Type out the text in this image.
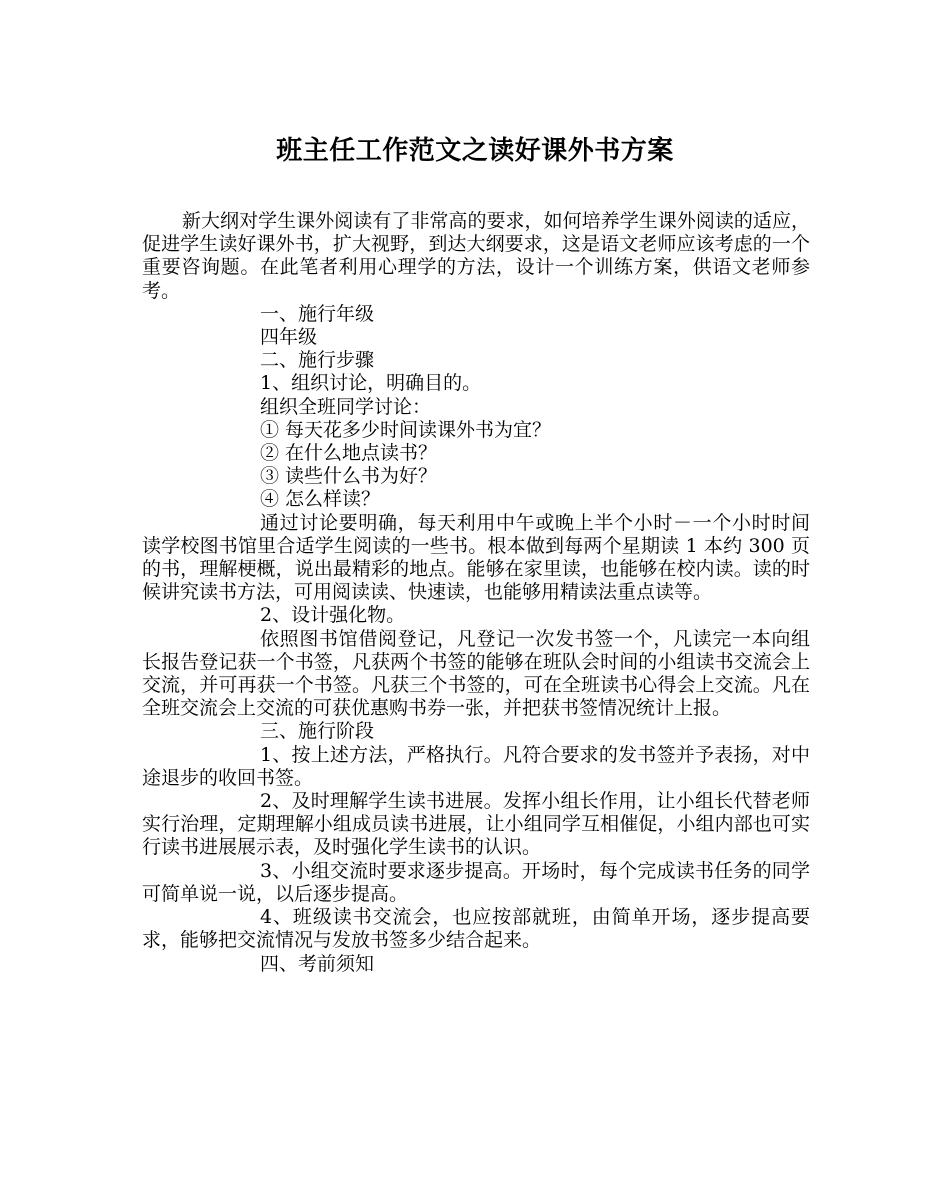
班主任工作范文之读好课外书方案

新大纲对学生课外阅读有了非常高的要求，如何培养学生课外阅读的适应，促进学生读好课外书，扩大视野，到达大纲要求，这是语文老师应该考虑的一个重要咨询题。在此笔者利用心理学的方法，设计一个训练方案，供语文老师参考。

一、施行年级

四年级

二、施行步骤

1、组织讨论，明确目的。

组织全班同学讨论：

① 每天花多少时间读课外书为宜？

② 在什么地点读书？

③ 读些什么书为好？

④ 怎么样读？

通过讨论要明确，每天利用中午或晚上半个小时－一个小时时间读学校图书馆里合适学生阅读的一些书。根本做到每两个星期读 1 本约 300 页的书，理解梗概，说出最精彩的地点。能够在家里读，也能够在校内读。读的时候讲究读书方法，可用阅读读、快速读，也能够用精读法重点读等。

2、设计强化物。

依照图书馆借阅登记，凡登记一次发书签一个，凡读完一本向组长报告登记获一个书签，凡获两个书签的能够在班队会时间的小组读书交流会上交流，并可再获一个书签。凡获三个书签的，可在全班读书心得会上交流。凡在全班交流会上交流的可获优惠购书券一张，并把获书签情况统计上报。

三、施行阶段

1、按上述方法，严格执行。凡符合要求的发书签并予表扬，对中途退步的收回书签。

2、及时理解学生读书进展。发挥小组长作用，让小组长代替老师实行治理，定期理解小组成员读书进展，让小组同学互相催促，小组内部也可实行读书进展展示表，及时强化学生读书的认识。

3、小组交流时要求逐步提高。开场时，每个完成读书任务的同学可简单说一说，以后逐步提高。

4、班级读书交流会，也应按部就班，由简单开场，逐步提高要求，能够把交流情况与发放书签多少结合起来。

四、考前须知
